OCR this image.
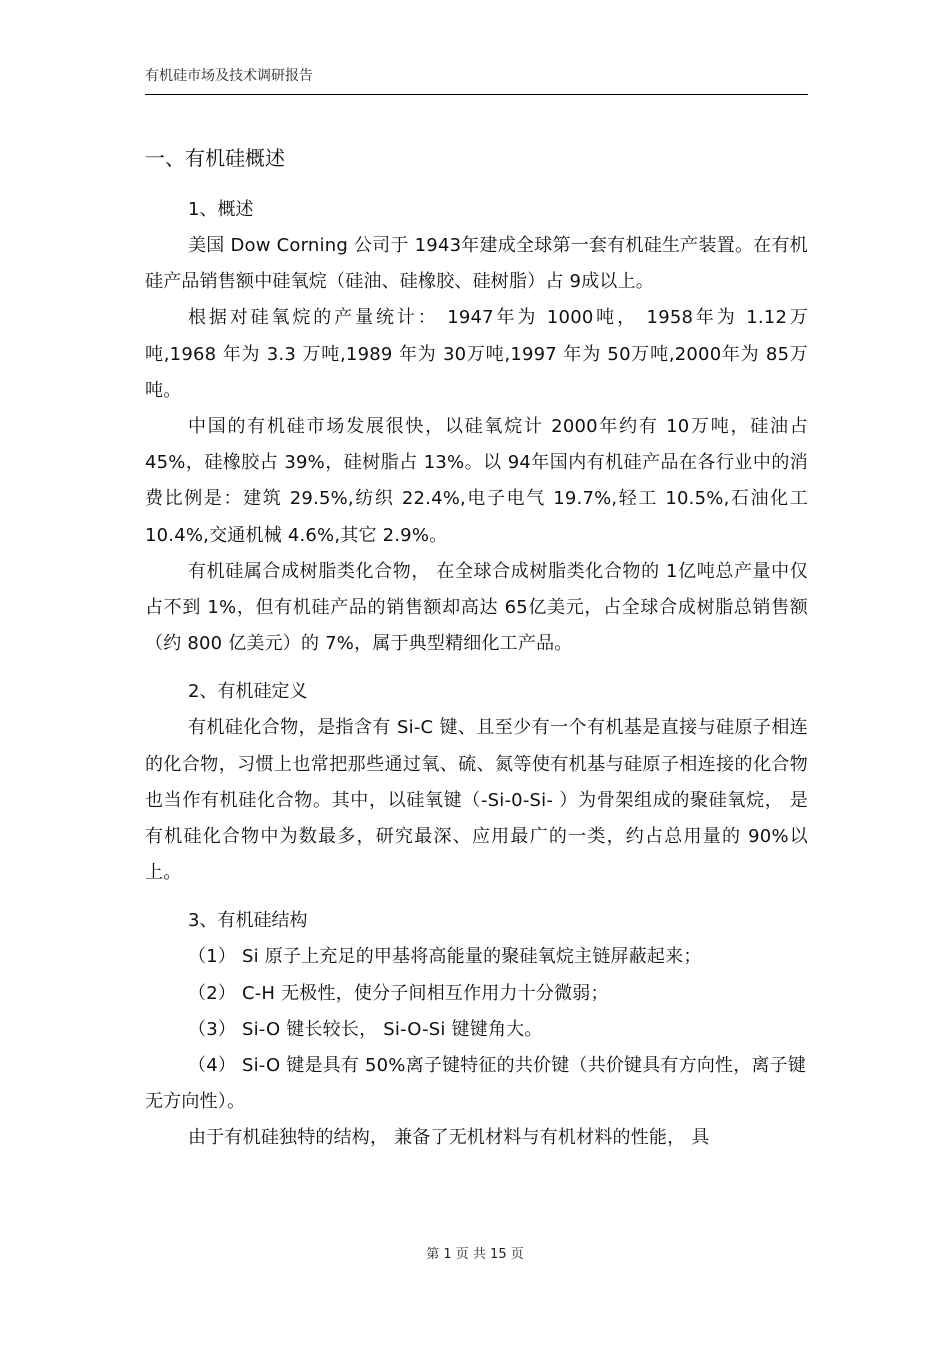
有机硅市场及技术调研报告
一、有机硅概述
1、概述

美国 Dow Corning 公司于 1943年建成全球第一套有机硅生产装置。在有机硅产品销售额中硅氧烷（硅油、硅橡胶、硅树脂）占 9成以上。

根据对硅氧烷的产量统计： 1947年为 1000吨， 1958年为 1.12万吨,1968 年为 3.3 万吨,1989 年为 30万吨,1997 年为 50万吨,2000年为 85万吨。

中国的有机硅市场发展很快，以硅氧烷计 2000年约有 10万吨，硅油占 45%，硅橡胶占 39%，硅树脂占 13%。以 94年国内有机硅产品在各行业中的消费比例是：建筑 29.5%,纺织 22.4%,电子电气 19.7%,轻工 10.5%,石油化工 10.4%,交通机械 4.6%,其它 2.9%。

有机硅属合成树脂类化合物， 在全球合成树脂类化合物的 1亿吨总产量中仅占不到 1%，但有机硅产品的销售额却高达 65亿美元，占全球合成树脂总销售额（约 800 亿美元）的 7%，属于典型精细化工产品。

2、有机硅定义

有机硅化合物，是指含有 Si-C 键、且至少有一个有机基是直接与硅原子相连的化合物，习惯上也常把那些通过氧、硫、氮等使有机基与硅原子相连接的化合物也当作有机硅化合物。其中，以硅氧键（-Si-0-Si- ）为骨架组成的聚硅氧烷， 是有机硅化合物中为数最多，研究最深、应用最广的一类，约占总用量的 90%以上。

3、有机硅结构

（1） Si 原子上充足的甲基将高能量的聚硅氧烷主链屏蔽起来；

（2） C-H 无极性，使分子间相互作用力十分微弱；

（3） Si-O 键长较长， Si-O-Si 键键角大。

（4） Si-O 键是具有 50%离子键特征的共价键（共价键具有方向性，离子键无方向性）。

由于有机硅独特的结构， 兼备了无机材料与有机材料的性能， 具

第 1 页 共 15 页
